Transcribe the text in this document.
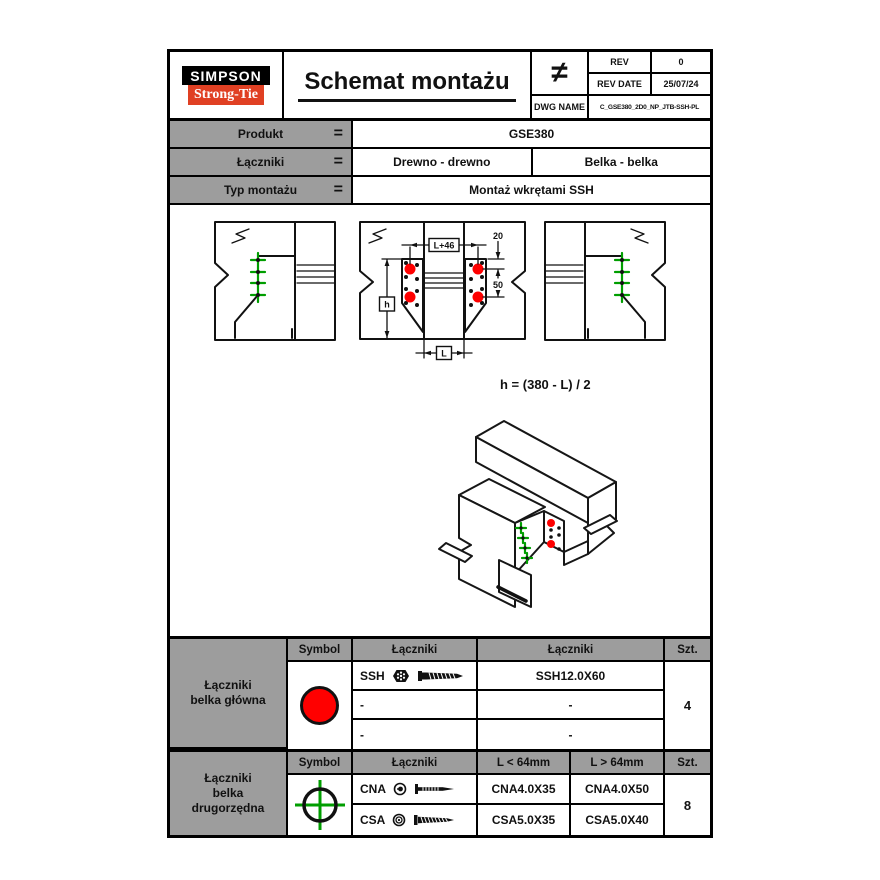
SIMPSON
Strong-Tie Schemat montażu	≠	REV	0
REV DATE	25/07/24
DWG NAME	C_GSE380_2D0_NP_JTB-SSH-PL
Produkt	=	GSE380
Łączniki	=	Drewno - drewno	Belka - belka
Typ montażu =	Montaż wkrętami SSH
L+46
h
L
20
50
h = (380 - L) / 2
Łączniki
belka główna
Symbol	Łączniki	Łączniki	Szt.
SSH	SSH12.0X60
4
-	-
-	-
Łączniki
belka
drugorzędna
Symbol	Łączniki	L < 64mm	L > 64mm	Szt.
CNA	CNA4.0X35	CNA4.0X50
8
CSA	CSA5.0X35	CSA5.0X40
